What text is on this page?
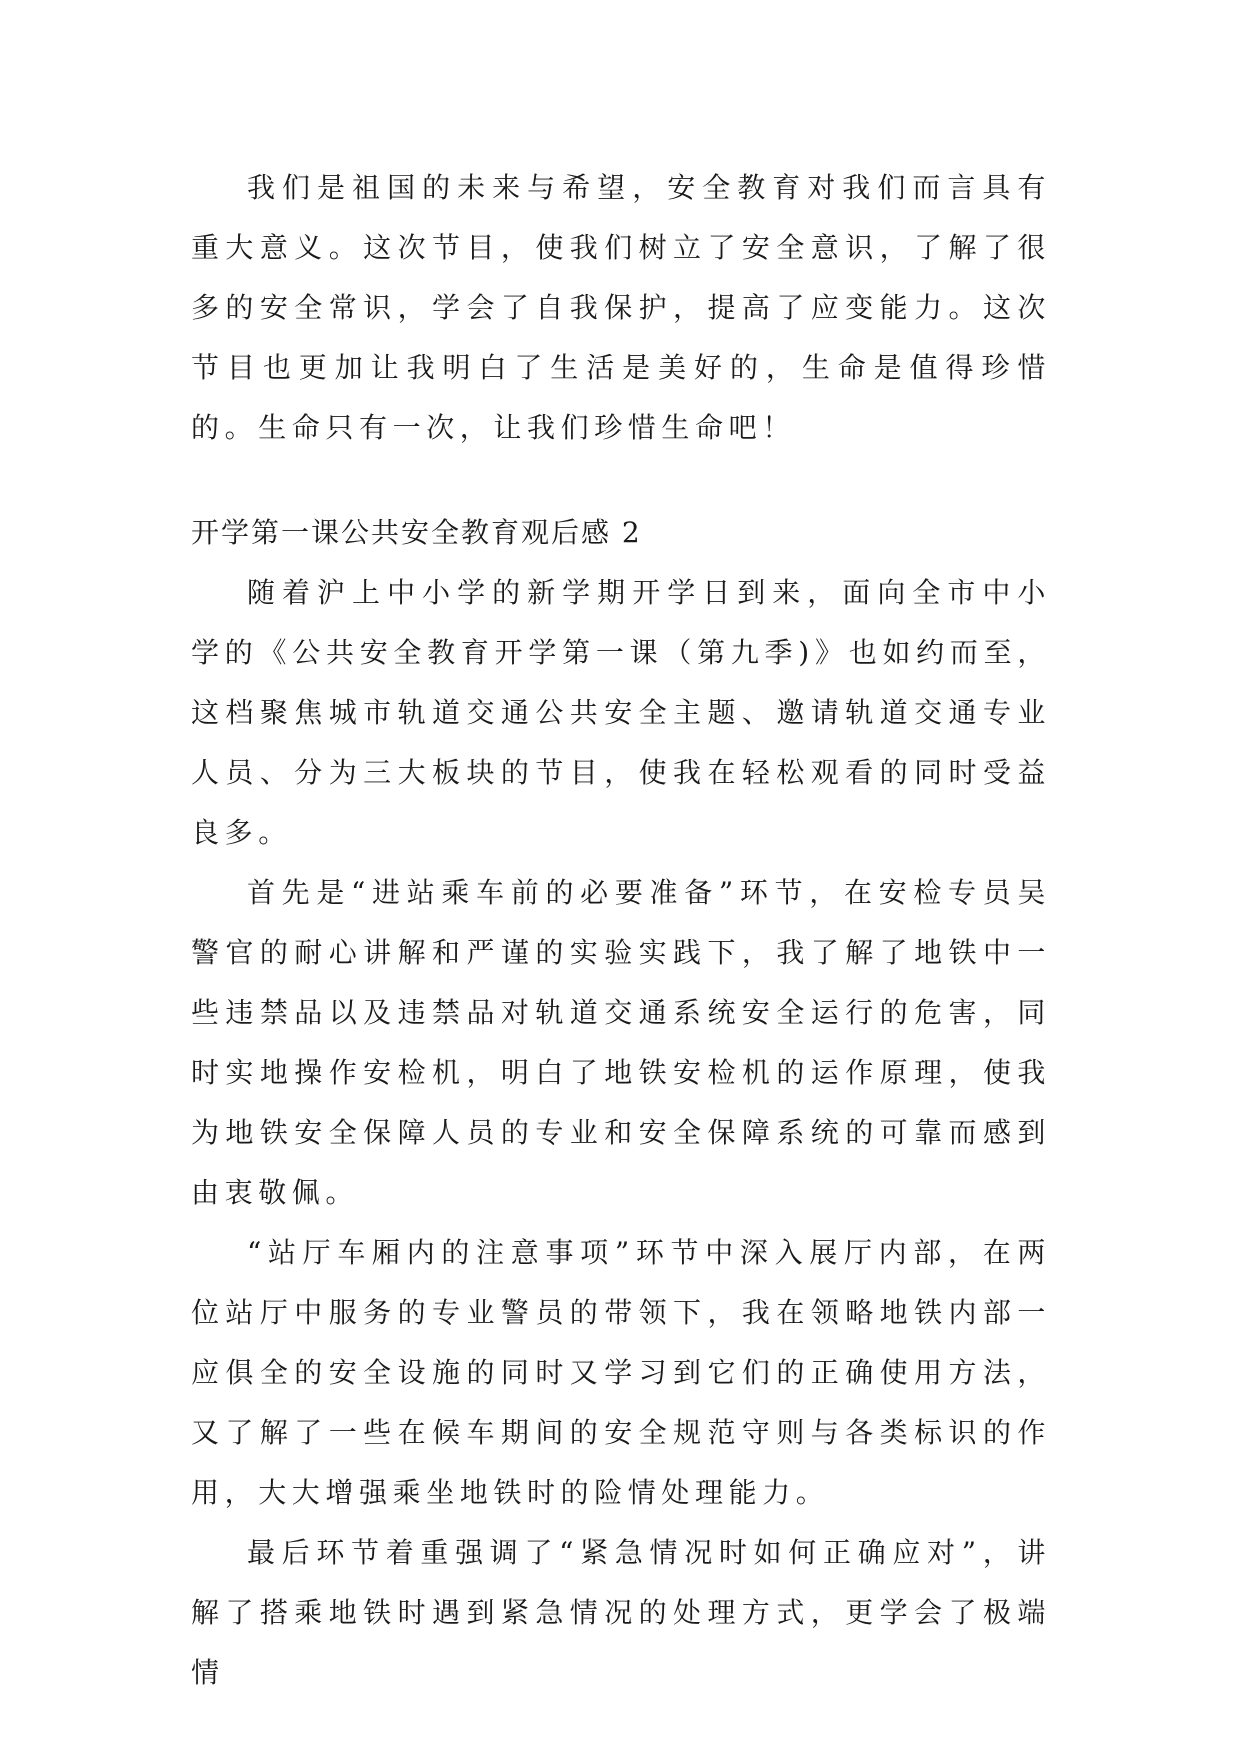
我们是祖国的未来与希望，安全教育对我们而言具有重大意义。这次节目，使我们树立了安全意识，了解了很多的安全常识，学会了自我保护，提高了应变能力。这次节目也更加让我明白了生活是美好的，生命是值得珍惜的。生命只有一次，让我们珍惜生命吧！

开学第一课公共安全教育观后感 2

随着沪上中小学的新学期开学日到来，面向全市中小学的《公共安全教育开学第一课（第九季)》也如约而至，这档聚焦城市轨道交通公共安全主题、邀请轨道交通专业人员、分为三大板块的节目，使我在轻松观看的同时受益良多。

首先是“进站乘车前的必要准备”环节，在安检专员吴警官的耐心讲解和严谨的实验实践下，我了解了地铁中一些违禁品以及违禁品对轨道交通系统安全运行的危害，同时实地操作安检机，明白了地铁安检机的运作原理，使我为地铁安全保障人员的专业和安全保障系统的可靠而感到由衷敬佩。

“站厅车厢内的注意事项”环节中深入展厅内部，在两位站厅中服务的专业警员的带领下，我在领略地铁内部一应俱全的安全设施的同时又学习到它们的正确使用方法，又了解了一些在候车期间的安全规范守则与各类标识的作用，大大增强乘坐地铁时的险情处理能力。

最后环节着重强调了“紧急情况时如何正确应对”，讲解了搭乘地铁时遇到紧急情况的处理方式，更学会了极端情
